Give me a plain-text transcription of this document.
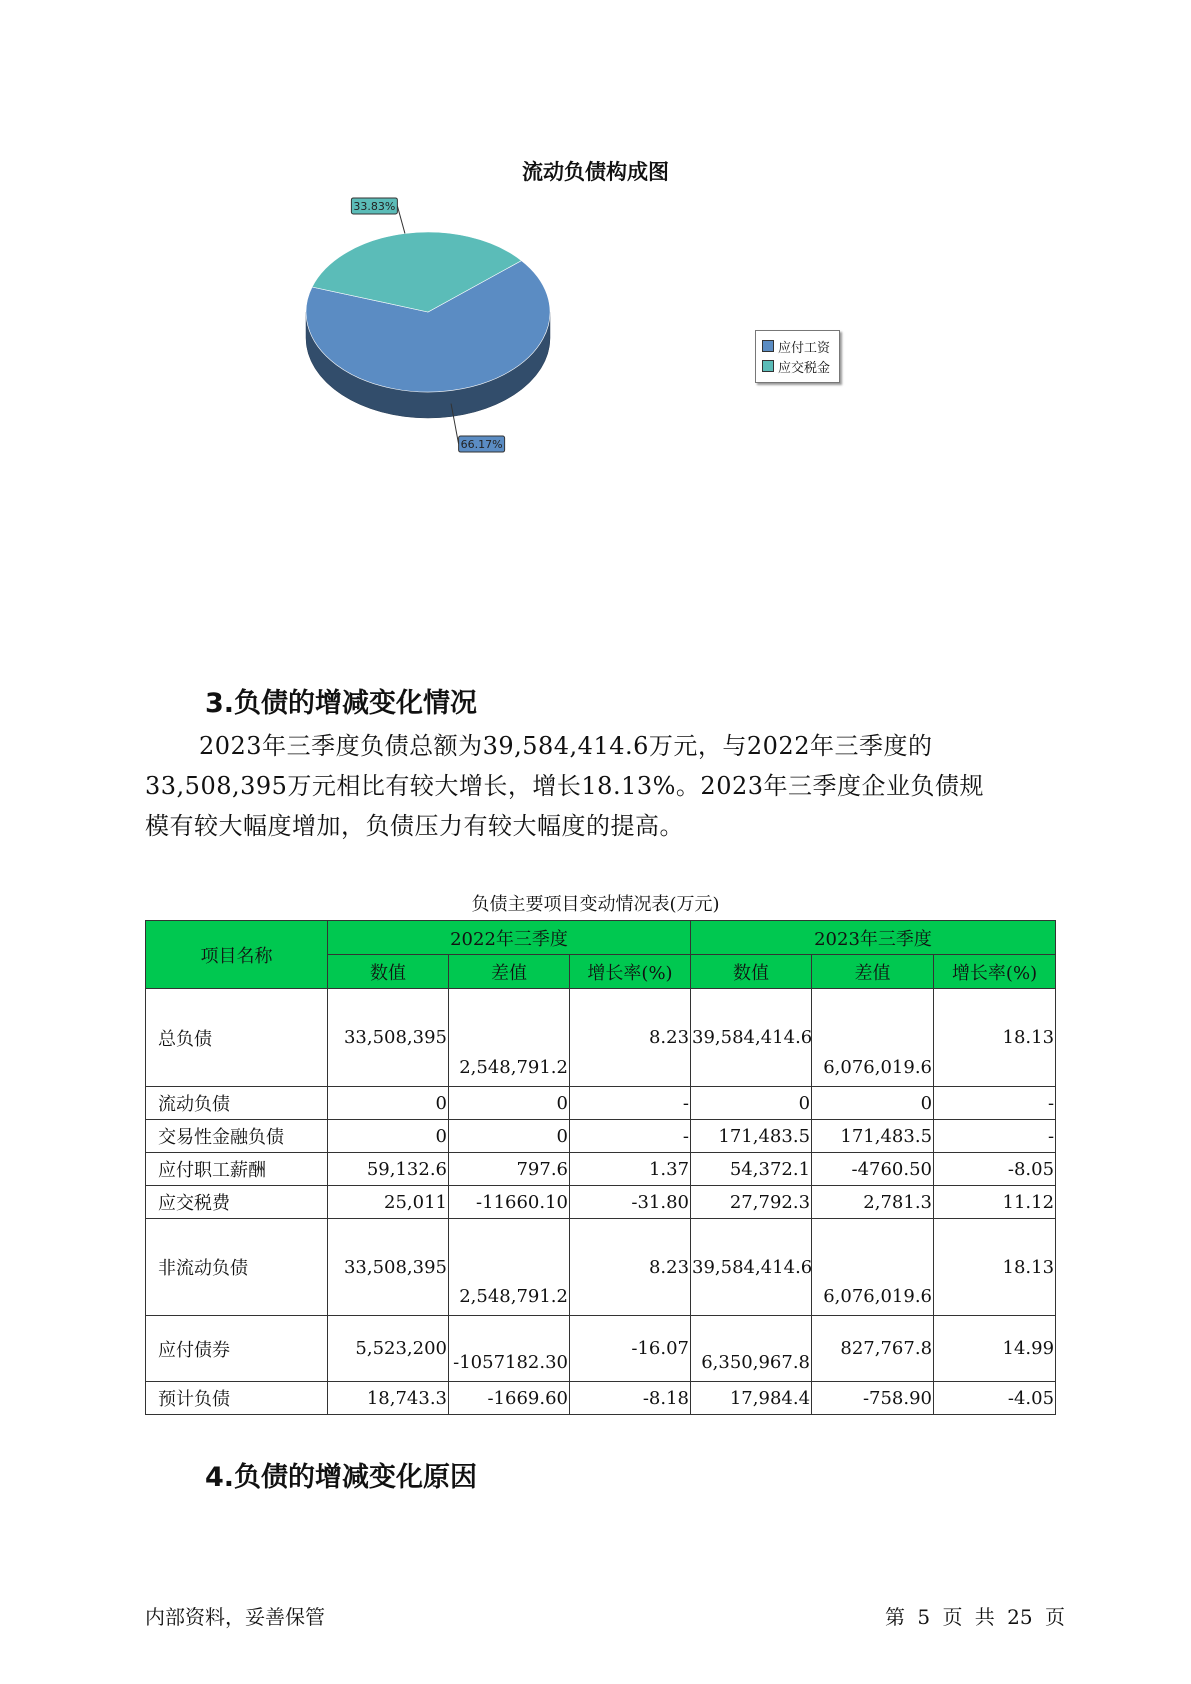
流动负债构成图
66.17%
33.83%
应付工资
应交税金
3.负债的增减变化情况
2023年三季度负债总额为39,584,414.6万元，与2022年三季度的
33,508,395万元相比有较大增长，增长18.13%。2023年三季度企业负债规
模有较大幅度增加，负债压力有较大幅度的提高。
负债主要项目变动情况表(万元)
项目名称	2022年三季度			2023年三季度		
	数值	差值	增长率(%)	数值	差值	增长率(%)
总负债	33,508,395	2,548,791.2	8.23	39,584,414.6	6,076,019.6	18.13
流动负债	0	0	-	0	0	-
交易性金融负债	0	0	-	171,483.5	171,483.5	-
应付职工薪酬	59,132.6	797.6	1.37	54,372.1	-4760.50	-8.05
应交税费	25,011	-11660.10	-31.80	27,792.3	2,781.3	11.12
非流动负债	33,508,395	2,548,791.2	8.23	39,584,414.6	6,076,019.6	18.13
应付债券	5,523,200	-1057182.30	-16.07	6,350,967.8	827,767.8	14.99
预计负债	18,743.3	-1669.60	-8.18	17,984.4	-758.90	-4.05
4.负债的增减变化原因
内部资料，妥善保管	第 5 页 共 25 页
